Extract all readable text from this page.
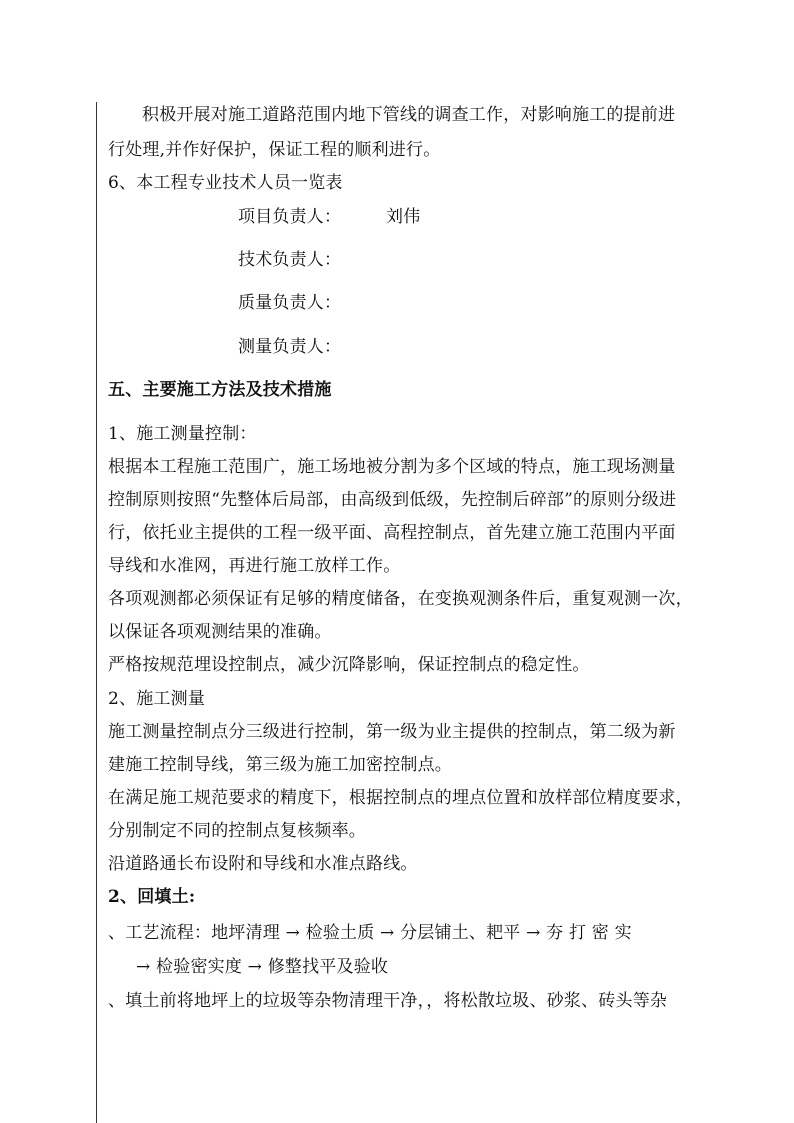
积极开展对施工道路范围内地下管线的调查工作，对影响施工的提前进
行处理,并作好保护，保证工程的顺利进行。
6、本工程专业技术人员一览表
项目负责人：	刘伟
技术负责人：
质量负责人：
测量负责人：
五、主要施工方法及技术措施
1、施工测量控制：
根据本工程施工范围广，施工场地被分割为多个区域的特点，施工现场测量
控制原则按照“先整体后局部，由高级到低级，先控制后碎部”的原则分级进
行，依托业主提供的工程一级平面、高程控制点，首先建立施工范围内平面
导线和水准网，再进行施工放样工作。
各项观测都必须保证有足够的精度储备，在变换观测条件后，重复观测一次，
以保证各项观测结果的准确。
严格按规范埋设控制点，减少沉降影响，保证控制点的稳定性。
2、施工测量
施工测量控制点分三级进行控制，第一级为业主提供的控制点，第二级为新
建施工控制导线，第三级为施工加密控制点。
在满足施工规范要求的精度下，根据控制点的埋点位置和放样部位精度要求，
分别制定不同的控制点复核频率。
沿道路通长布设附和导线和水准点路线。
2、回填土:
、工艺流程：地坪清理 → 检验土质 → 分层铺土、耙平 → 夯 打 密 实
→ 检验密实度 → 修整找平及验收
、填土前将地坪上的垃圾等杂物清理干净，，将松散垃圾、砂浆、砖头等杂
